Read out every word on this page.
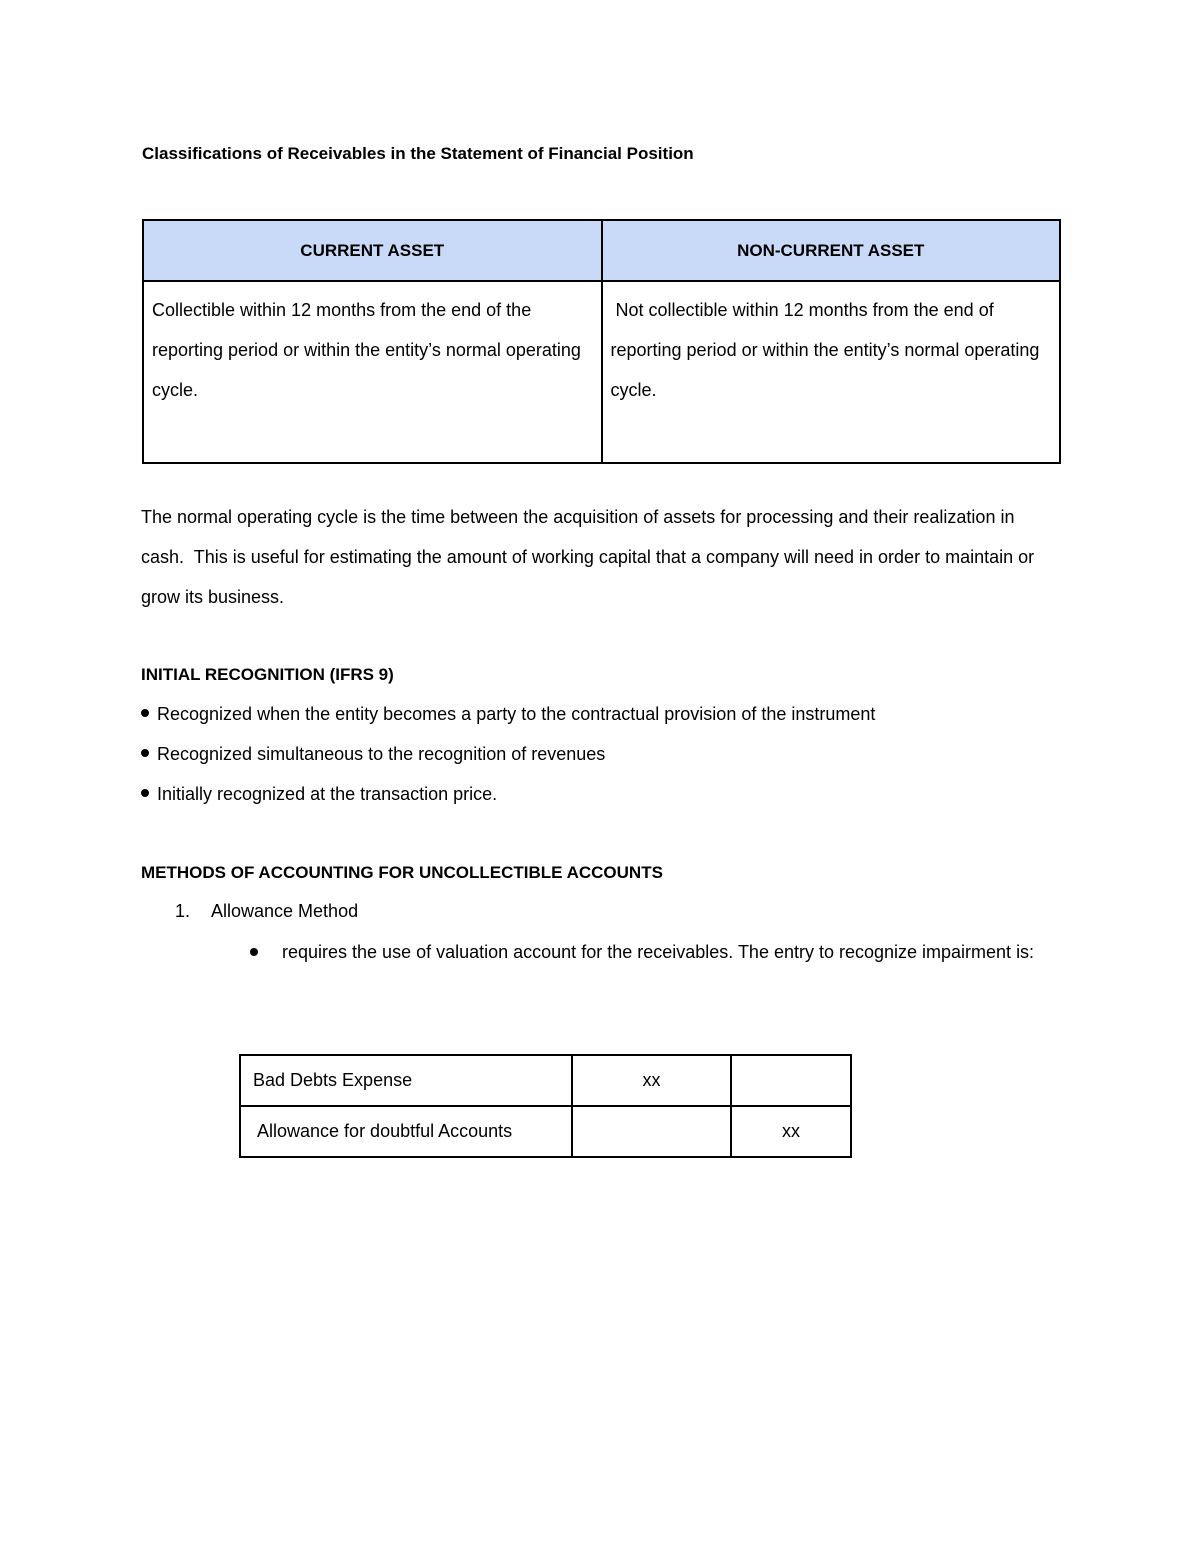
Classifications of Receivables in the Statement of Financial Position
CURRENT ASSET	NON-CURRENT ASSET
Collectible within 12 months from the end of the reporting period or within the entity’s normal operating cycle.	Not collectible within 12 months from the end of reporting period or within the entity’s normal operating cycle.
The normal operating cycle is the time between the acquisition of assets for processing and their realization in cash.  This is useful for estimating the amount of working capital that a company will need in order to maintain or grow its business.
INITIAL RECOGNITION (IFRS 9)
Recognized when the entity becomes a party to the contractual provision of the instrument
Recognized simultaneous to the recognition of revenues
Initially recognized at the transaction price.
METHODS OF ACCOUNTING FOR UNCOLLECTIBLE ACCOUNTS
1. Allowance Method
requires the use of valuation account for the receivables. The entry to recognize impairment is:
Bad Debts Expense	xx	
Allowance for doubtful Accounts		xx
